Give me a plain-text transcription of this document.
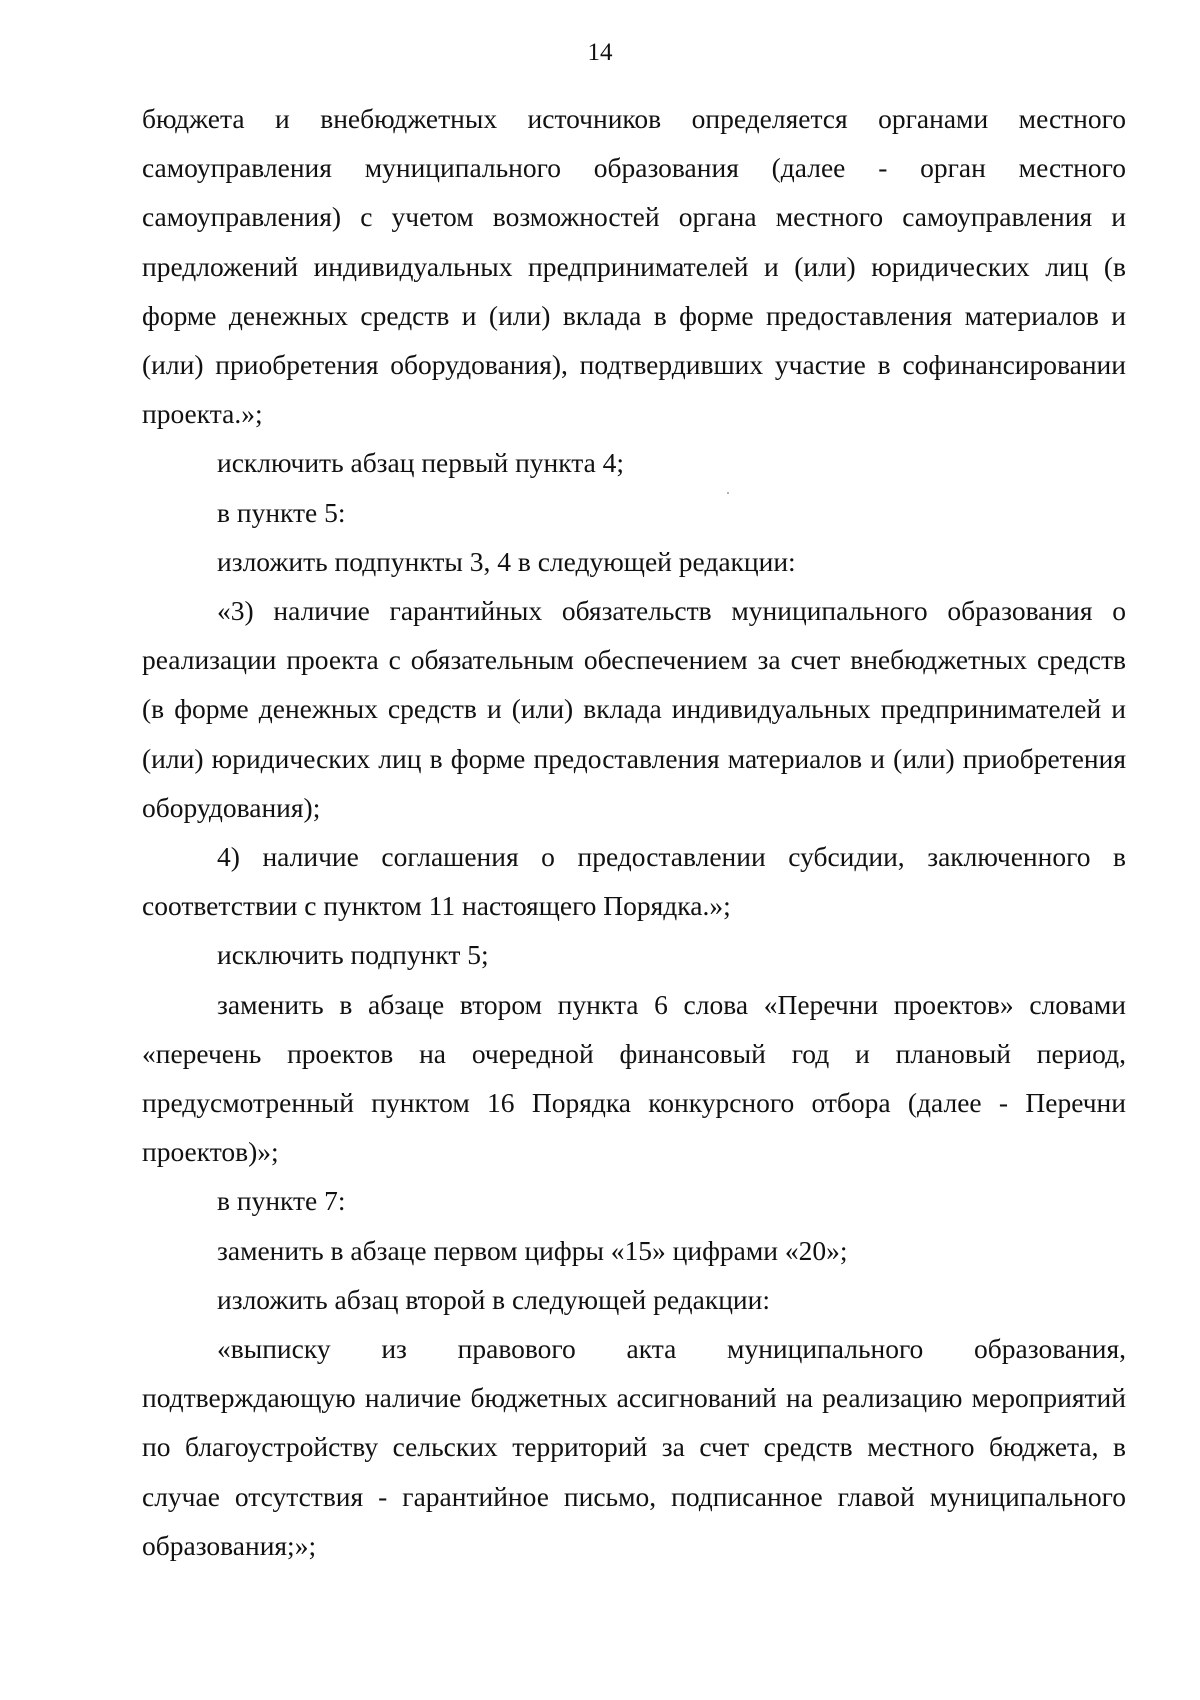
14

бюджета и внебюджетных источников определяется органами местного самоуправления муниципального образования (далее - орган местного самоуправления) с учетом возможностей органа местного самоуправления и предложений индивидуальных предпринимателей и (или) юридических лиц (в форме денежных средств и (или) вклада в форме предоставления материалов и (или) приобретения оборудования), подтвердивших участие в софинансировании проекта.»;

исключить абзац первый пункта 4;

в пункте 5:

изложить подпункты 3, 4 в следующей редакции:

«3) наличие гарантийных обязательств муниципального образования о реализации проекта с обязательным обеспечением за счет внебюджетных средств (в форме денежных средств и (или) вклада индивидуальных предпринимателей и (или) юридических лиц в форме предоставления материалов и (или) приобретения оборудования);

4) наличие соглашения о предоставлении субсидии, заключенного в соответствии с пунктом 11 настоящего Порядка.»;

исключить подпункт 5;

заменить в абзаце втором пункта 6 слова «Перечни проектов» словами «перечень проектов на очередной финансовый год и плановый период, предусмотренный пунктом 16 Порядка конкурсного отбора (далее - Перечни проектов)»;

в пункте 7:

заменить в абзаце первом цифры «15» цифрами «20»;

изложить абзац второй в следующей редакции:

«выписку из правового акта муниципального образования, подтверждающую наличие бюджетных ассигнований на реализацию мероприятий по благоустройству сельских территорий за счет средств местного бюджета, в случае отсутствия - гарантийное письмо, подписанное главой муниципального образования;»;
